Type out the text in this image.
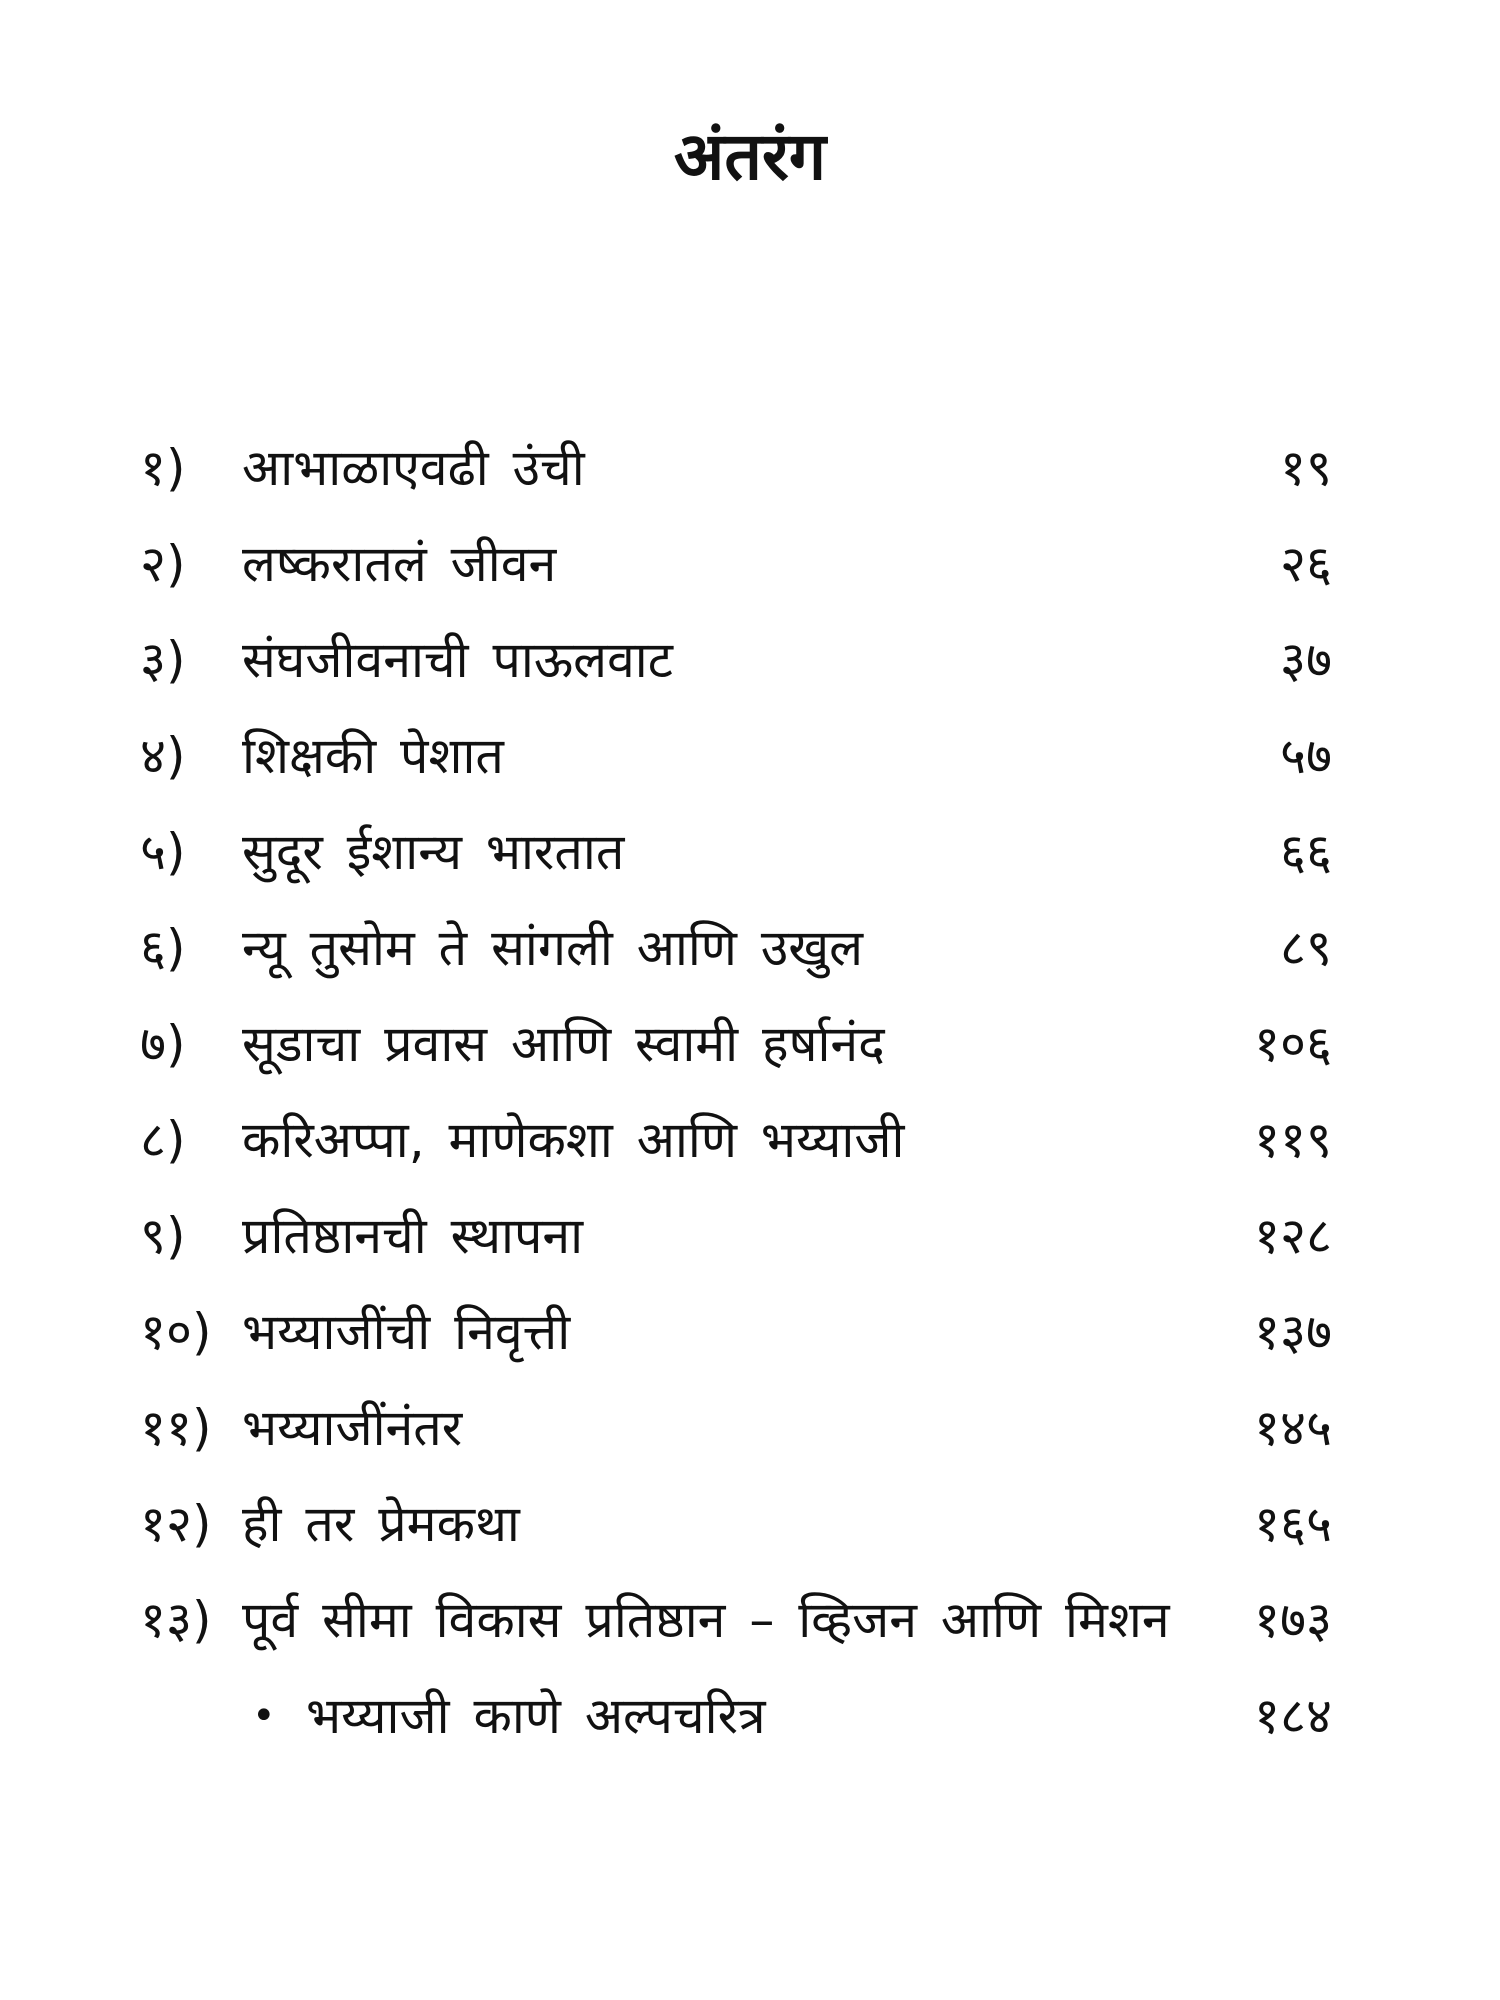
अंतरंग
१) आभाळाएवढी उंची	१९
२) लष्करातलं जीवन	२६
३) संघजीवनाची पाऊलवाट	३७
४) शिक्षकी पेशात	५७
५) सुदूर ईशान्य भारतात	६६
६) न्यू तुसोम ते सांगली आणि उखुल	८९
७) सूडाचा प्रवास आणि स्वामी हर्षानंद	१०६
८) करिअप्पा, माणेकशा आणि भय्याजी	११९
९) प्रतिष्ठानची स्थापना	१२८
१०) भय्याजींची निवृत्ती	१३७
११) भय्याजींनंतर	१४५
१२) ही तर प्रेमकथा	१६५
१३) पूर्व सीमा विकास प्रतिष्ठान – व्हिजन आणि मिशन १७३
• भय्याजी काणे अल्पचरित्र	१८४
